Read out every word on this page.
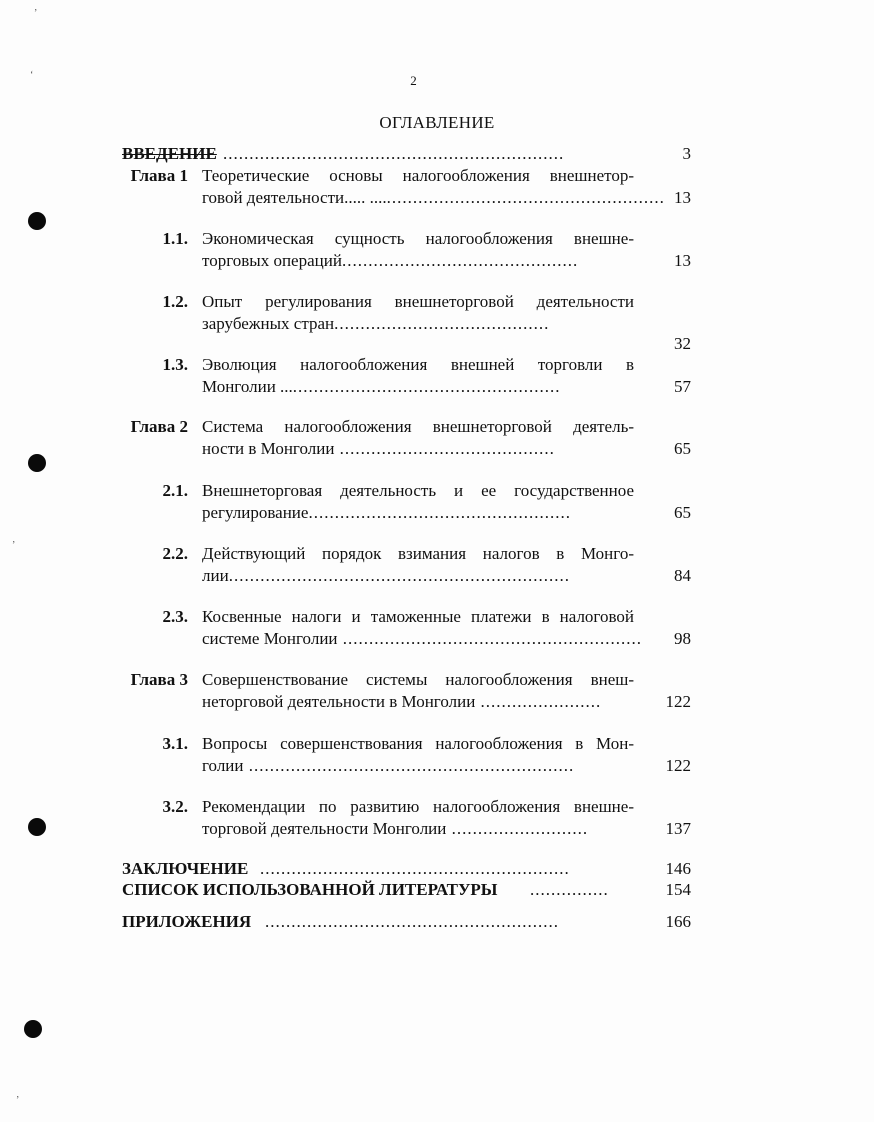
ʼ
ʻ
ʼ
ʼ
2
ОГЛАВЛЕНИЕ
ВВЕДЕНИЕ .................................................................	3
Глава 1 Теоретические основы налогообложения внешнетор-
говой деятельности..... ......................................................... 13
1.1. Экономическая сущность налогообложения внешне-
торговых операций.............................................	13
1.2. Опыт регулирования внешнеторговой деятельности
зарубежных стран.........................................
32
1.3. Эволюция налогообложения внешней торговли в
Монголии ......................................................	57
Глава 2 Система налогообложения внешнеторговой деятель-
ности в Монголии .........................................	65
2.1. Внешнеторговая деятельность и ее государственное
регулирование..................................................	65
2.2. Действующий порядок взимания налогов в Монго-
лии.................................................................	84
2.3. Косвенные налоги и таможенные платежи в налоговой
системе Монголии .........................................................	98
Глава 3 Совершенствование системы налогообложения внеш-
неторговой деятельности в Монголии .......................	122
3.1. Вопросы совершенствования налогообложения в Мон-
голии ..............................................................	122
3.2. Рекомендации по развитию налогообложения внешне-
торговой деятельности Монголии ..........................	137
ЗАКЛЮЧЕНИЕ ...........................................................	146
СПИСОК ИСПОЛЬЗОВАННОЙ ЛИТЕРАТУРЫ ...............	154
ПРИЛОЖЕНИЯ ........................................................	166
